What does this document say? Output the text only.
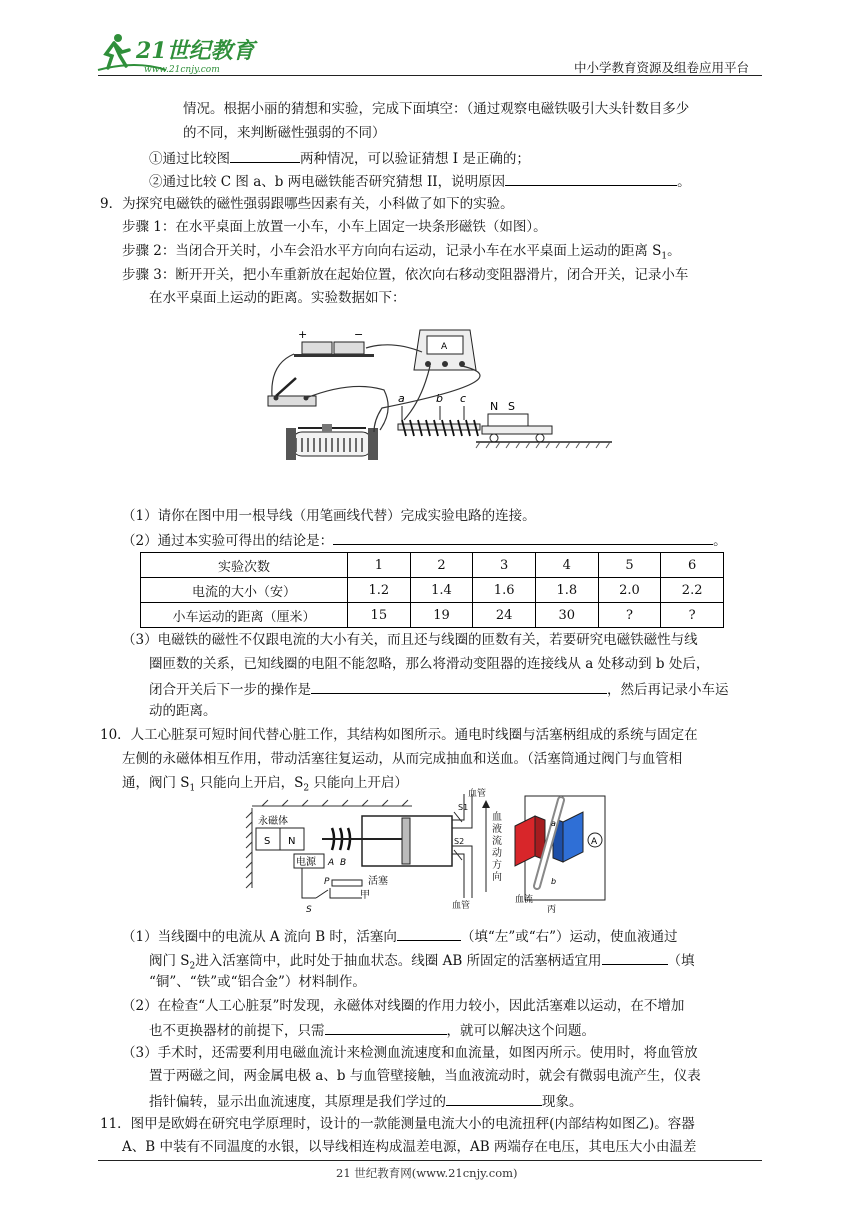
21世纪教育
www.21cnjy.com	中小学教育资源及组卷应用平台
情况。根据小丽的猜想和实验，完成下面填空：（通过观察电磁铁吸引大头针数目多少
的不同，来判断磁性强弱的不同）
①通过比较图	两种情况，可以验证猜想 I 是正确的；
②通过比较 C 图 a、b 两电磁铁能否研究猜想 II，说明原因	。
9．为探究电磁铁的磁性强弱跟哪些因素有关，小科做了如下的实验。
步骤 1：在水平桌面上放置一小车，小车上固定一块条形磁铁（如图）。
步骤 2：当闭合开关时，小车会沿水平方向向右运动，记录小车在水平桌面上运动的距离 $S_1$。
步骤 3：断开开关，把小车重新放在起始位置，依次向右移动变阻器滑片，闭合开关，记录小车
在水平桌面上运动的距离。实验数据如下：
+	−
A
a	b c
N S
（1）请你在图中用一根导线（用笔画线代替）完成实验电路的连接。
（2）通过本实验可得出的结论是：	。
实验次数	1	2	3	4	5	6
电流的大小（安）	1.2	1.4	1.6	1.8	2.0	2.2
小车运动的距离（厘米）	15	19	24	30	?	?
（3）电磁铁的磁性不仅跟电流的大小有关，而且还与线圈的匝数有关，若要研究电磁铁磁性与线
圈匝数的关系，已知线圈的电阻不能忽略，那么将滑动变阻器的连接线从 a 处移动到 b 处后，
闭合开关后下一步的操作是	，然后再记录小车运
动的距离。
10．人工心脏泵可短时间代替心脏工作，其结构如图所示。通电时线圈与活塞柄组成的系统与固定在
左侧的永磁体相互作用，带动活塞往复运动，从而完成抽血和送血。（活塞筒通过阀门与血管相
通，阀门 $S_1$ 只能向上开启，$S_2$ 只能向上开启）
永磁体
S N
活塞
甲
电源 A B
P
S
S1
S2
血管
血管
血液流动方向
a
b
A
血流
丙
（1）当线圈中的电流从 A 流向 B 时，活塞向	（填“左”或“右”）运动，使血液通过
阀门 $S_2$进入活塞筒中，此时处于抽血状态。线圈 AB 所固定的活塞柄适宜用	（填
“铜”、“铁”或“铝合金”）材料制作。
（2）在检查“人工心脏泵”时发现，永磁体对线圈的作用力较小，因此活塞难以运动，在不增加
也不更换器材的前提下，只需	，就可以解决这个问题。
（3）手术时，还需要利用电磁血流计来检测血流速度和血流量，如图丙所示。使用时，将血管放
置于两磁之间，两金属电极 a、b 与血管壁接触，当血液流动时，就会有微弱电流产生，仪表
指针偏转，显示出血流速度，其原理是我们学过的	现象。
11．图甲是欧姆在研究电学原理时，设计的一款能测量电流大小的电流扭秤(内部结构如图乙)。容器
A、B 中装有不同温度的水银，以导线相连构成温差电源，AB 两端存在电压，其电压大小由温差
21 世纪教育网(www.21cnjy.com)
